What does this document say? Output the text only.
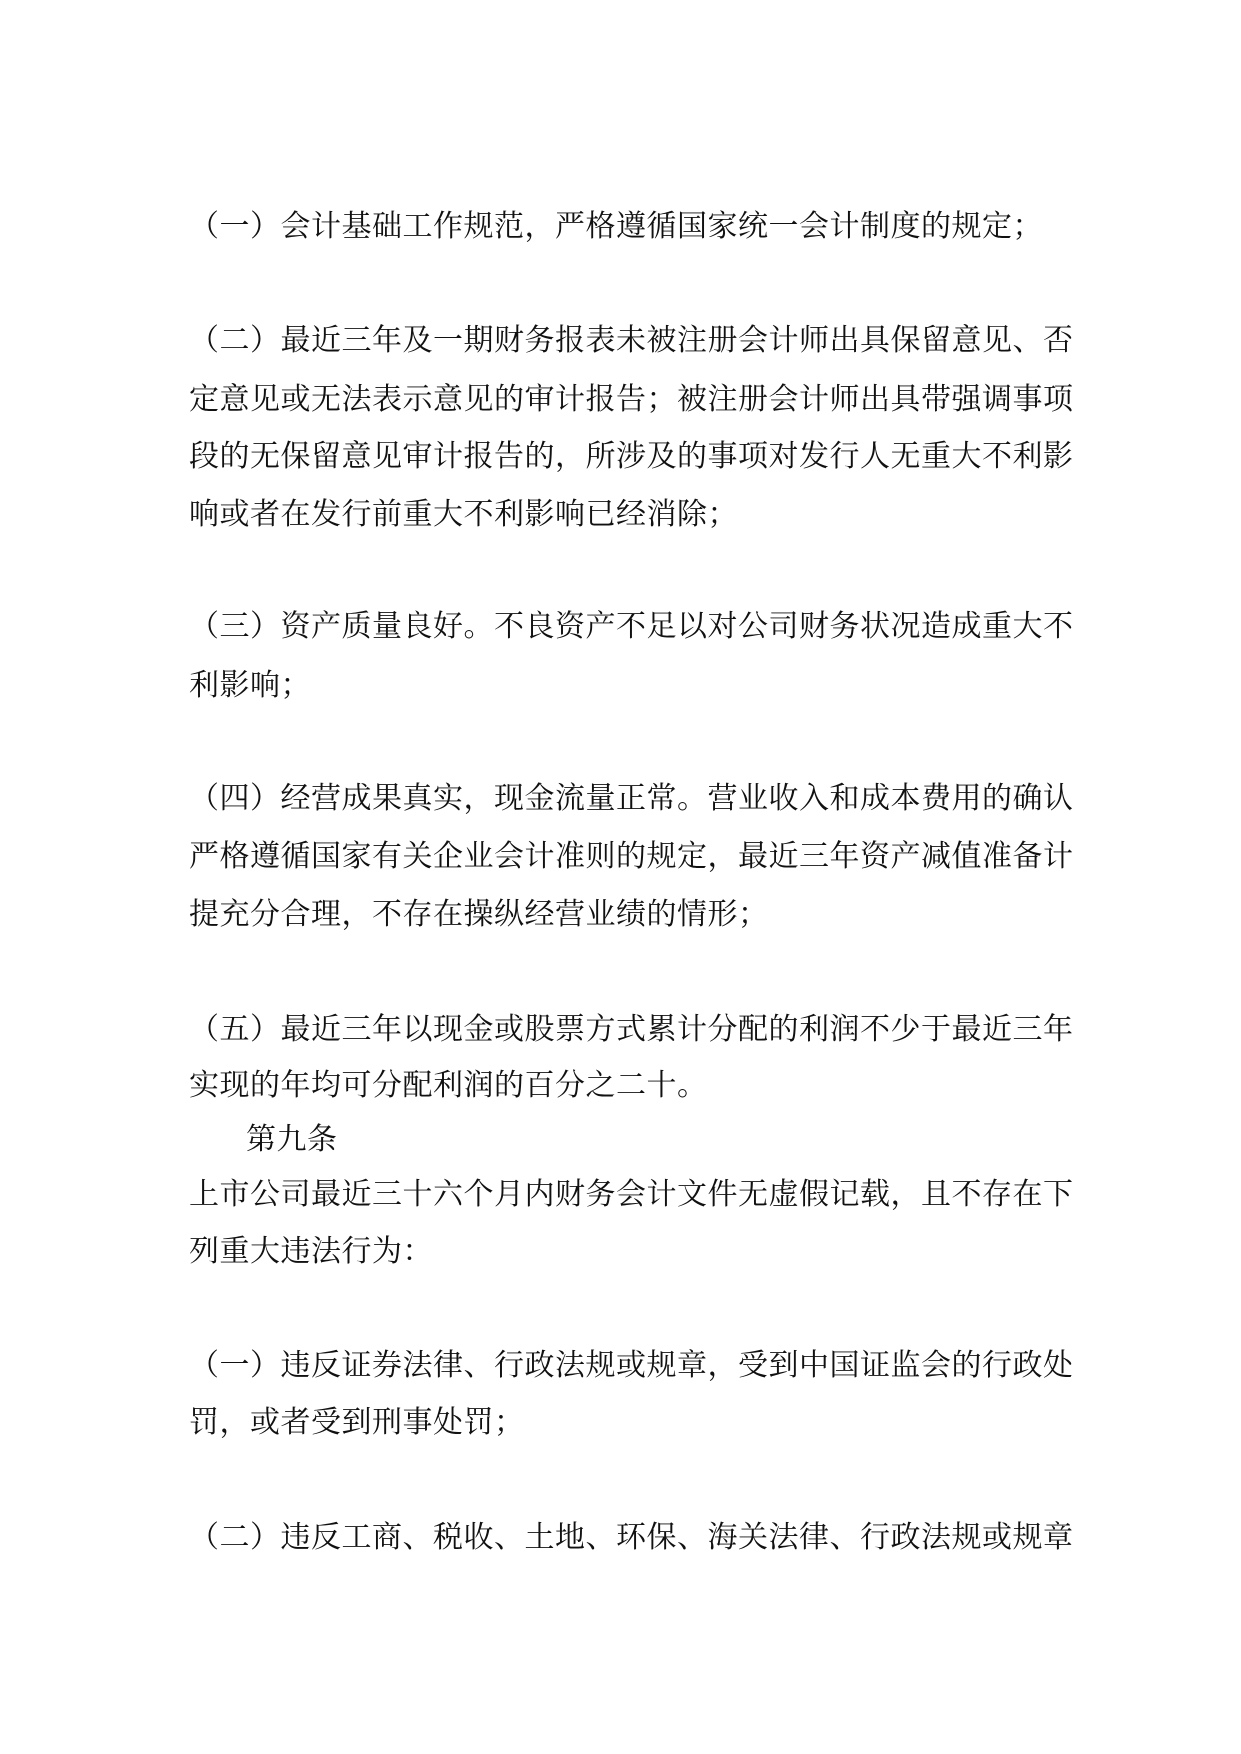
（一）会计基础工作规范，严格遵循国家统一会计制度的规定；
（二）最近三年及一期财务报表未被注册会计师出具保留意见、否
定意见或无法表示意见的审计报告；被注册会计师出具带强调事项
段的无保留意见审计报告的，所涉及的事项对发行人无重大不利影
响或者在发行前重大不利影响已经消除；
（三）资产质量良好。不良资产不足以对公司财务状况造成重大不
利影响；
（四）经营成果真实，现金流量正常。营业收入和成本费用的确认
严格遵循国家有关企业会计准则的规定，最近三年资产减值准备计
提充分合理，不存在操纵经营业绩的情形；
（五）最近三年以现金或股票方式累计分配的利润不少于最近三年
实现的年均可分配利润的百分之二十。
第九条
上市公司最近三十六个月内财务会计文件无虚假记载，且不存在下
列重大违法行为：
（一）违反证券法律、行政法规或规章，受到中国证监会的行政处
罚，或者受到刑事处罚；
（二）违反工商、税收、土地、环保、海关法律、行政法规或规章
